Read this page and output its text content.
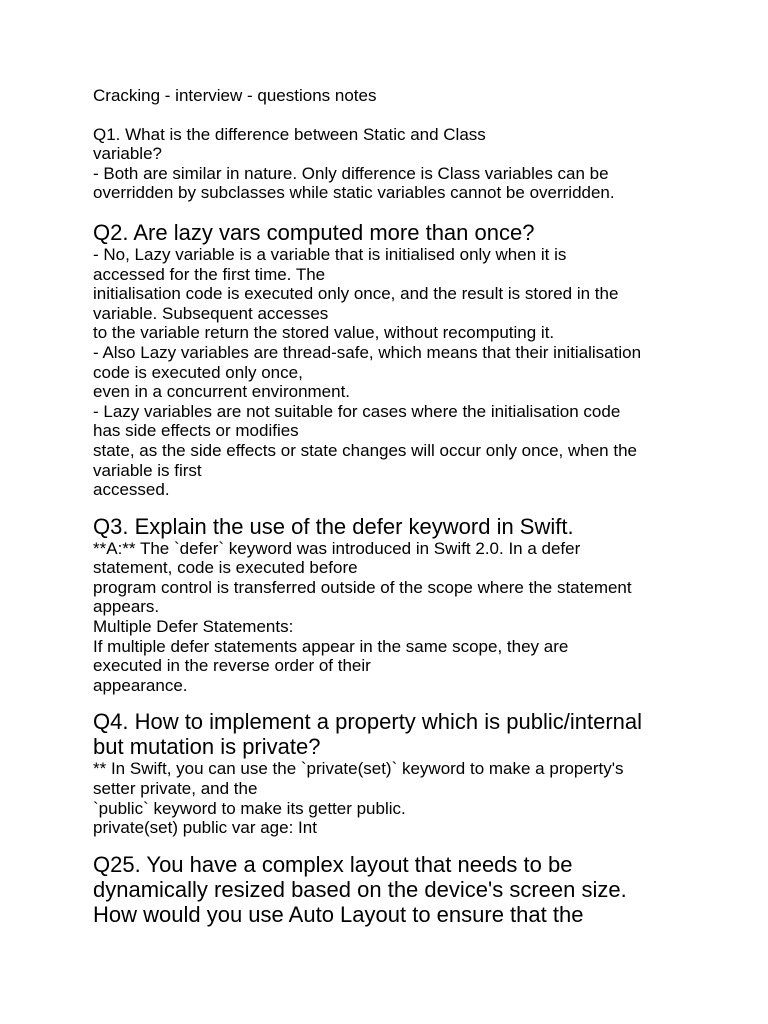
Cracking - interview - questions notes
Q1. What is the difference between Static and Class
variable?
- Both are similar in nature. Only difference is Class variables can be
overridden by subclasses while static variables cannot be overridden.
Q2. Are lazy vars computed more than once?
- No, Lazy variable is a variable that is initialised only when it is
accessed for the first time. The
initialisation code is executed only once, and the result is stored in the
variable. Subsequent accesses
to the variable return the stored value, without recomputing it.
- Also Lazy variables are thread-safe, which means that their initialisation
code is executed only once,
even in a concurrent environment.
- Lazy variables are not suitable for cases where the initialisation code
has side effects or modifies
state, as the side effects or state changes will occur only once, when the
variable is first
accessed.
Q3. Explain the use of the defer keyword in Swift.
**A:** The `defer` keyword was introduced in Swift 2.0. In a defer
statement, code is executed before
program control is transferred outside of the scope where the statement
appears.
Multiple Defer Statements:
If multiple defer statements appear in the same scope, they are
executed in the reverse order of their
appearance.
Q4. How to implement a property which is public/internal
but mutation is private?
** In Swift, you can use the `private(set)` keyword to make a property's
setter private, and the
`public` keyword to make its getter public.
private(set) public var age: Int
Q25. You have a complex layout that needs to be
dynamically resized based on the device's screen size.
How would you use Auto Layout to ensure that the
